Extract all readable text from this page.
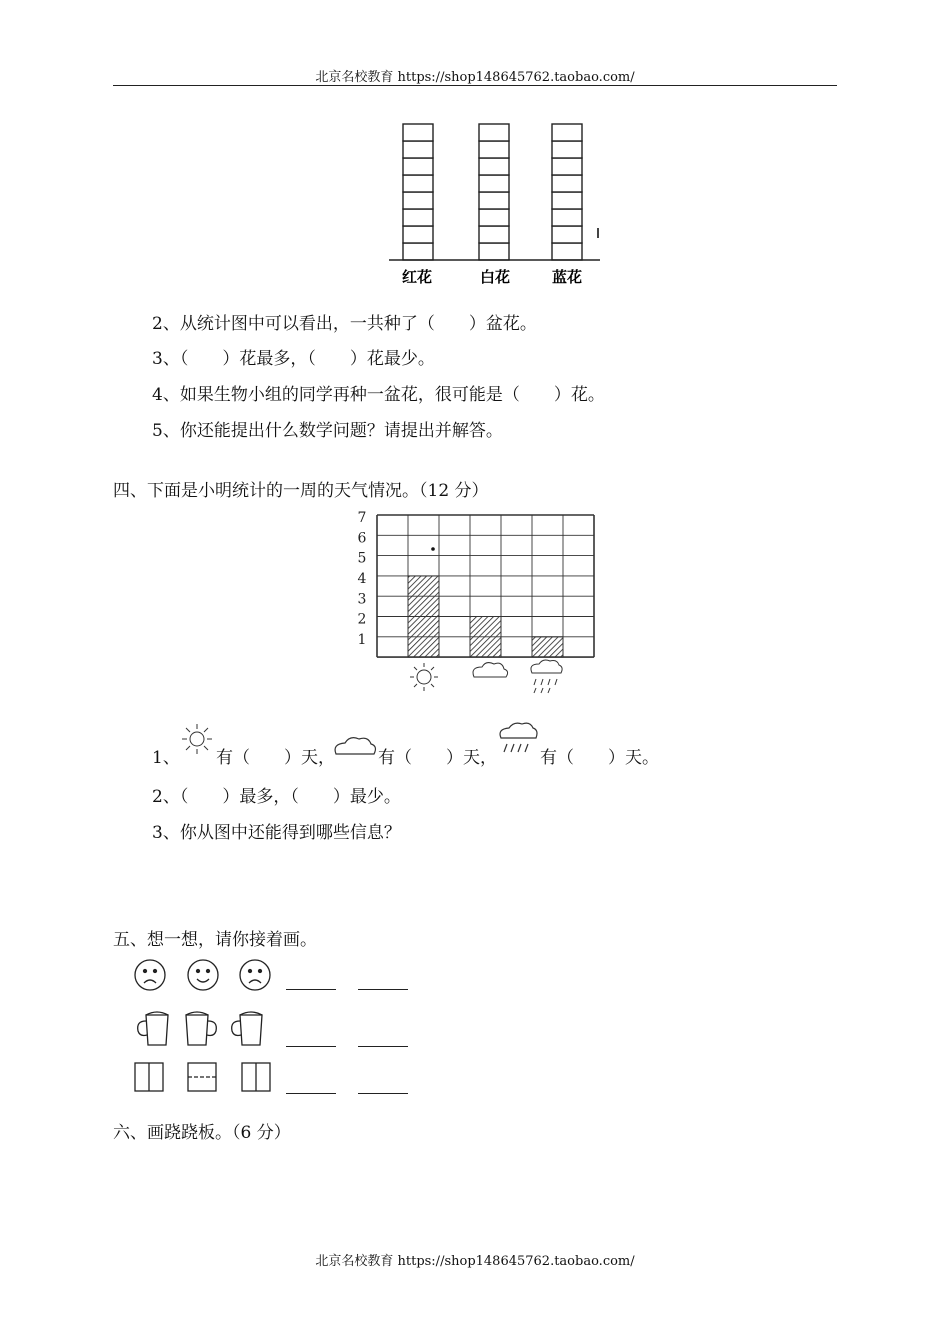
北京名校教育 https://shop148645762.taobao.com/
红花	白花	蓝花
2、从统计图中可以看出，一共种了（　　）盆花。
3、（　　）花最多，（　　）花最少。
4、如果生物小组的同学再种一盆花，很可能是（　　）花。
5、你还能提出什么数学问题？请提出并解答。
四、下面是小明统计的一周的天气情况。（12 分）
1
2
3
4
5
6
7
1、 有（　　）天，	有（　　）天，	有（　　）天。
2、（　　）最多，（　　）最少。
3、你从图中还能得到哪些信息？
五、想一想，请你接着画。
六、画跷跷板。（6 分）
北京名校教育 https://shop148645762.taobao.com/
